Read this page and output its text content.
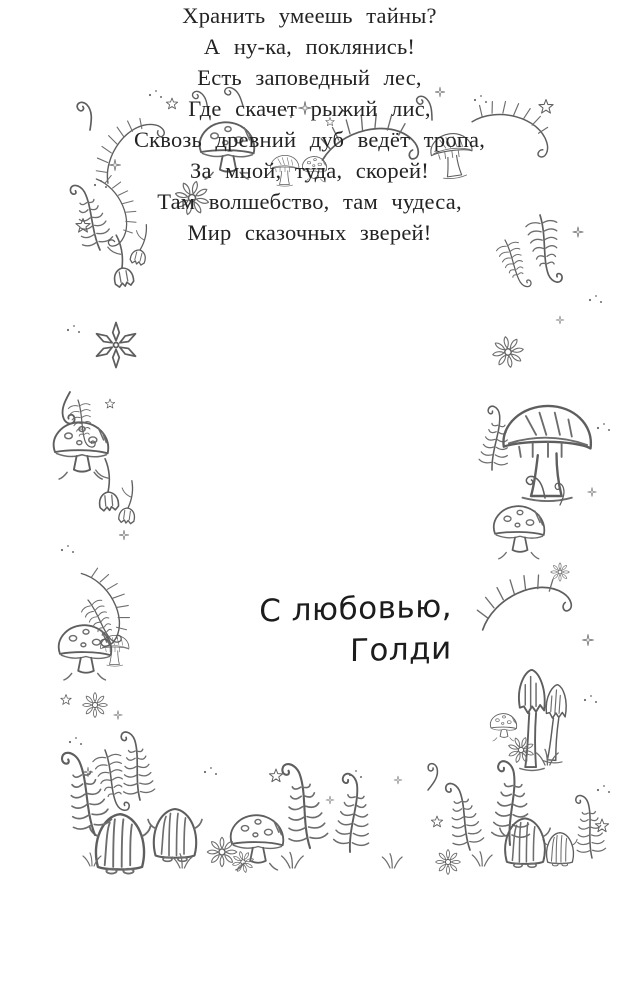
Хранить умеешь тайны?
А ну-ка, поклянись!
Есть заповедный лес,
Где скачет рыжий лис,
Сквозь древний дуб ведёт тропа,
За мной, туда, скорей!
Там волшебство, там чудеса,
Мир сказочных зверей!
С любовью,
Голди
